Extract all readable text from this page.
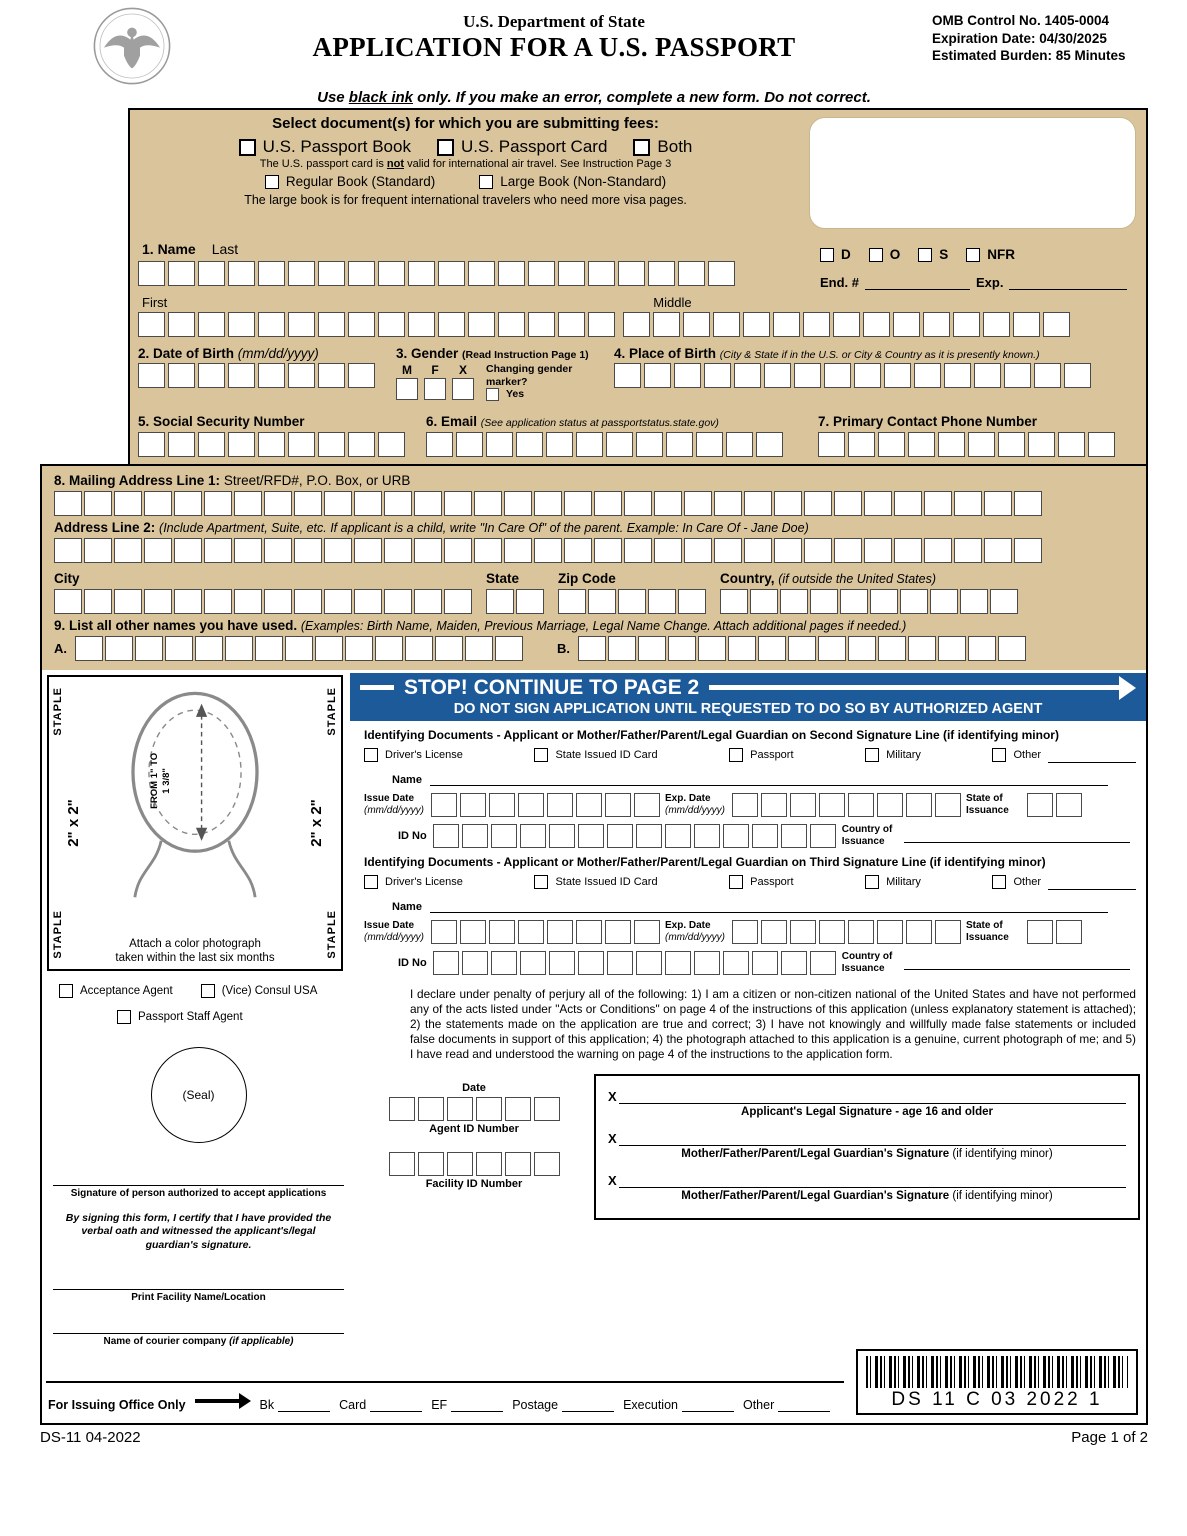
U.S. Department of State
APPLICATION FOR A U.S. PASSPORT
OMB Control No. 1405-0004
Expiration Date: 04/30/2025
Estimated Burden: 85 Minutes
Use black ink only. If you make an error, complete a new form. Do not correct.
Select document(s) for which you are submitting fees:
U.S. Passport Book	U.S. Passport Card	Both
The U.S. passport card is not valid for international air travel. See Instruction Page 3
Regular Book (Standard)	Large Book (Non-Standard)
The large book is for frequent international travelers who need more visa pages.
1. Name Last	D	O	S	NFR
End. #	Exp.
First	Middle
2. Date of Birth (mm/dd/yyyy)	3. Gender (Read Instruction Page 1)	4. Place of Birth (City & State if in the U.S. or City & Country as it is presently known.)
M F X Changing gender marker?
Yes
5. Social Security Number	6. Email (See application status at passportstatus.state.gov)	7. Primary Contact Phone Number
8. Mailing Address Line 1: Street/RFD#, P.O. Box, or URB
Address Line 2: (Include Apartment, Suite, etc. If applicant is a child, write "In Care Of" of the parent. Example: In Care Of - Jane Doe)
City	State	Zip Code	Country, (if outside the United States)
9. List all other names you have used. (Examples: Birth Name, Maiden, Previous Marriage, Legal Name Change. Attach additional pages if needed.)
A.	B.
STAPLE
STAPLE
STAPLE
STAPLE
2" x 2"	2" x 2"
FROM 1" TO 1 3/8"
Attach a color photograph
taken within the last six months
Acceptance Agent	(Vice) Consul USA
Passport Staff Agent
(Seal)
Signature of person authorized to accept applications
By signing this form, I certify that I have provided the verbal oath and witnessed the applicant's/legal guardian's signature.
Print Facility Name/Location
Name of courier company (if applicable)
STOP! CONTINUE TO PAGE 2
DO NOT SIGN APPLICATION UNTIL REQUESTED TO DO SO BY AUTHORIZED AGENT
Identifying Documents - Applicant or Mother/Father/Parent/Legal Guardian on Second Signature Line (if identifying minor)
Driver's License	State Issued ID Card	Passport	Military	Other
Name
Issue Date
(mm/dd/yyyy)
Exp. Date
(mm/dd/yyyy)
State of Issuance
ID No	Country of Issuance
Identifying Documents - Applicant or Mother/Father/Parent/Legal Guardian on Third Signature Line (if identifying minor)
Driver's License	State Issued ID Card	Passport	Military	Other
Name
Issue Date
(mm/dd/yyyy)
Exp. Date
(mm/dd/yyyy)
State of Issuance
ID No	Country of Issuance
I declare under penalty of perjury all of the following: 1) I am a citizen or non-citizen national of the United States and have not performed any of the acts listed under "Acts or Conditions" on page 4 of the instructions of this application (unless explanatory statement is attached); 2) the statements made on the application are true and correct; 3) I have not knowingly and willfully made false statements or included false documents in support of this application; 4) the photograph attached to this application is a genuine, current photograph of me; and 5) I have read and understood the warning on page 4 of the instructions to the application form.
Date
Agent ID Number
Facility ID Number
X
Applicant's Legal Signature - age 16 and older
X
Mother/Father/Parent/Legal Guardian's Signature (if identifying minor)
X
Mother/Father/Parent/Legal Guardian's Signature (if identifying minor)
For Issuing Office Only	Bk	Card	EF	Postage	Execution	Other	DS 11 C 03 2022 1
DS-11 04-2022	Page 1 of 2
